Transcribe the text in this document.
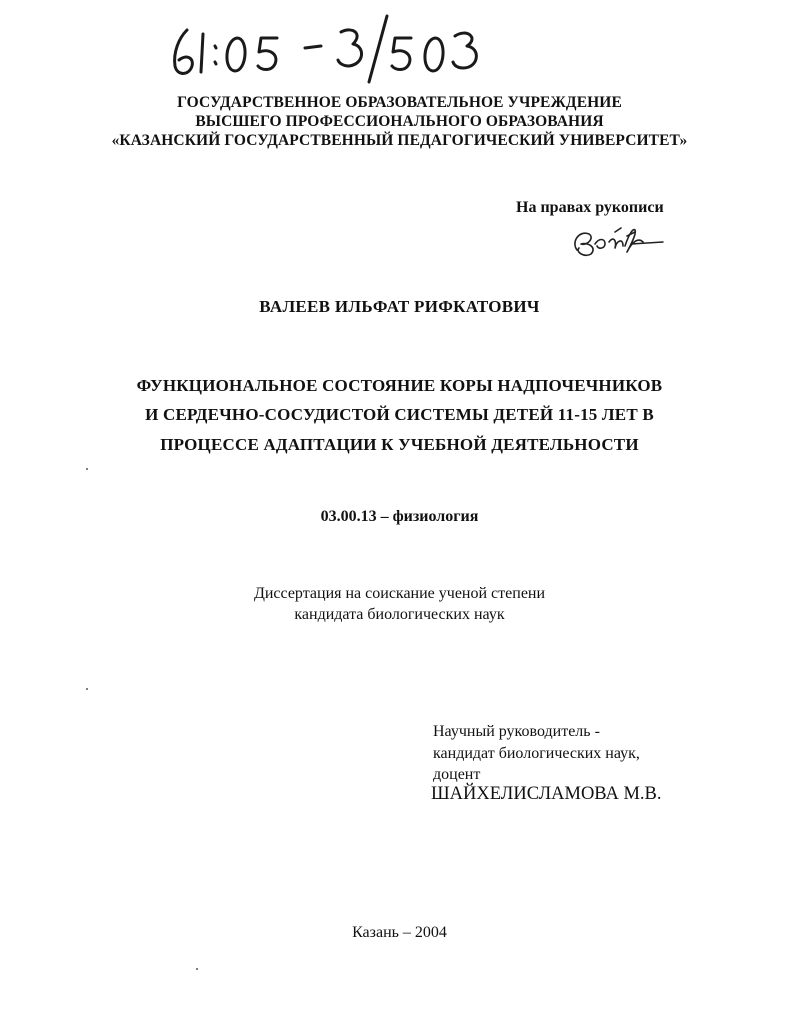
ГОСУДАРСТВЕННОЕ ОБРАЗОВАТЕЛЬНОЕ УЧРЕЖДЕНИЕ
ВЫСШЕГО ПРОФЕССИОНАЛЬНОГО ОБРАЗОВАНИЯ
«КАЗАНСКИЙ ГОСУДАРСТВЕННЫЙ ПЕДАГОГИЧЕСКИЙ УНИВЕРСИТЕТ»
На правах рукописи
ВАЛЕЕВ ИЛЬФАТ РИФКАТОВИЧ
ФУНКЦИОНАЛЬНОЕ СОСТОЯНИЕ КОРЫ НАДПОЧЕЧНИКОВ
И СЕРДЕЧНО-СОСУДИСТОЙ СИСТЕМЫ ДЕТЕЙ 11-15 ЛЕТ В
ПРОЦЕССЕ АДАПТАЦИИ К УЧЕБНОЙ ДЕЯТЕЛЬНОСТИ
03.00.13 – физиология
Диссертация на соискание ученой степени
кандидата биологических наук
Научный руководитель -
кандидат биологических наук,
доцент
ШАЙХЕЛИСЛАМОВА М.В.
Казань – 2004
